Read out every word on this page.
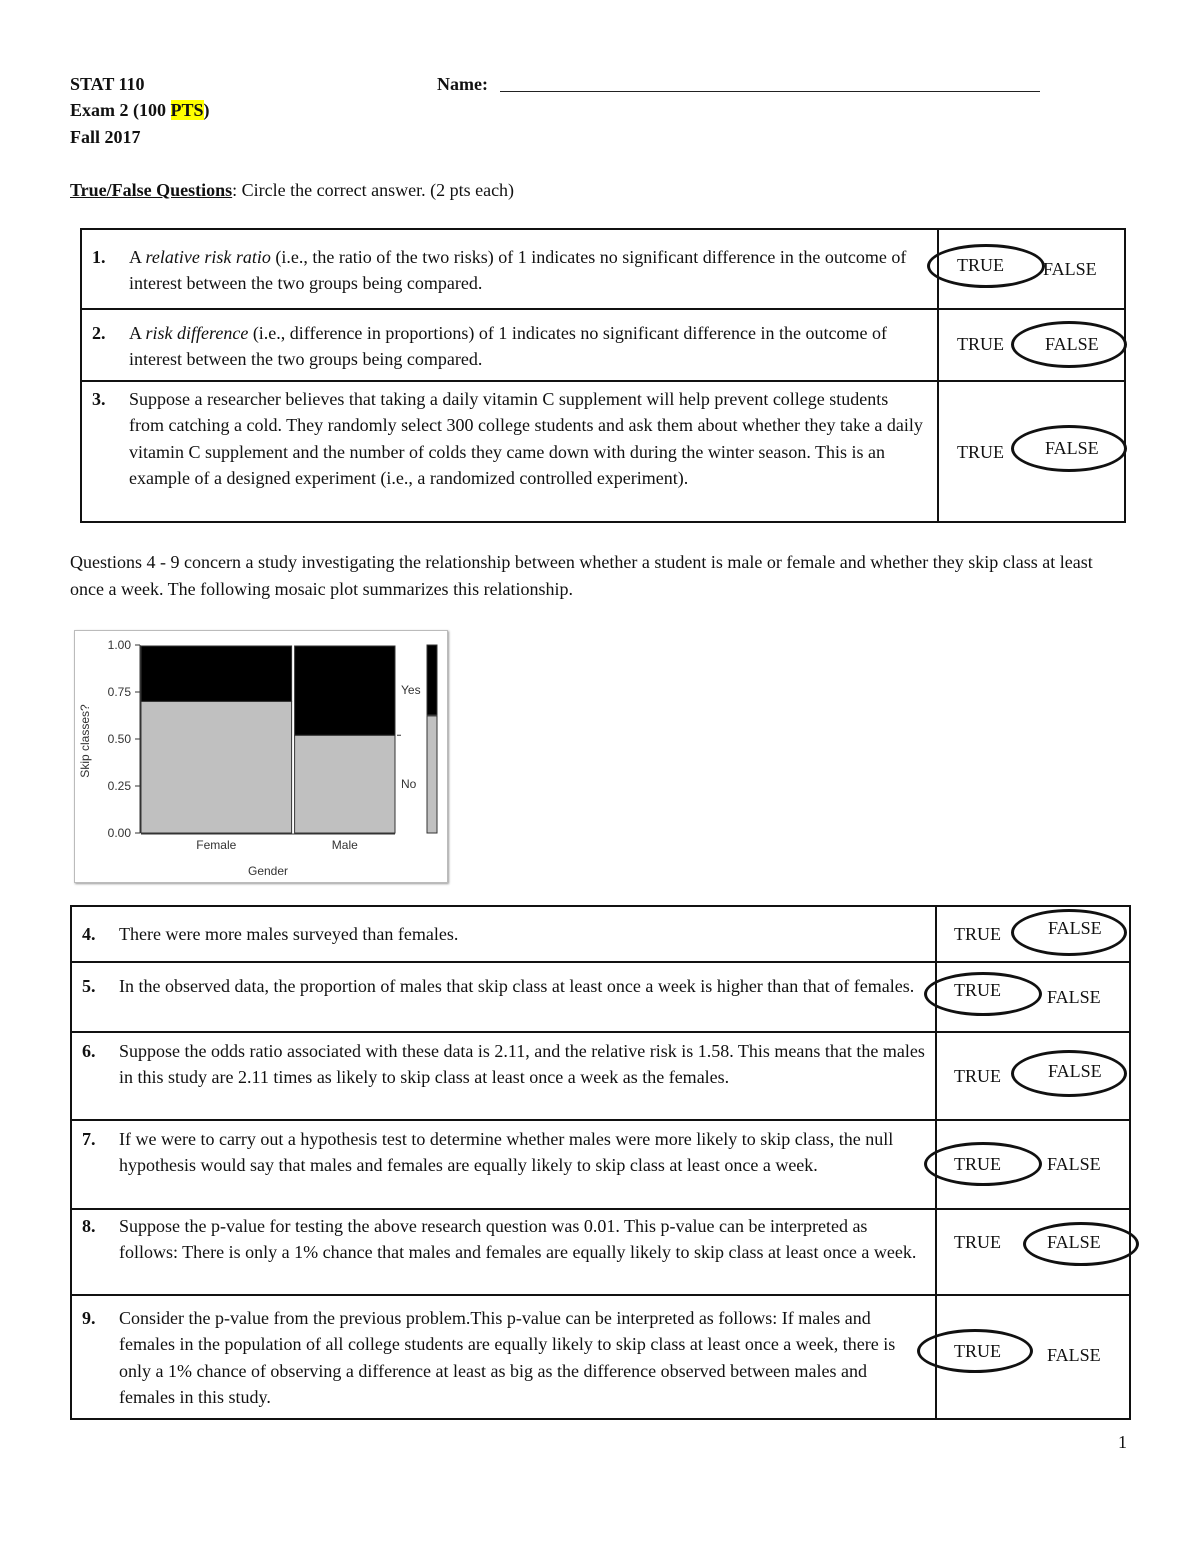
STAT 110
Exam 2 (100 PTS)
Fall 2017
Name:
True/False Questions: Circle the correct answer. (2 pts each)
1. A relative risk ratio (i.e., the ratio of the two risks) of 1 indicates no significant difference in the outcome of interest between the two groups being compared.	TRUE FALSE

2. A risk difference (i.e., difference in proportions) of 1 indicates no significant difference in the outcome of interest between the two groups being compared.	TRUE FALSE

3. Suppose a researcher believes that taking a daily vitamin C supplement will help prevent college students from catching a cold. They randomly select 300 college students and ask them about whether they take a daily vitamin C supplement and the number of colds they came down with during the winter season. This is an example of a designed experiment (i.e., a randomized controlled experiment).	TRUE FALSE
Questions 4 - 9 concern a study investigating the relationship between whether a student is male or female and whether they skip class at least once a week. The following mosaic plot summarizes this relationship.
Skip classes?
Gender
0.00
0.25
0.50
0.75
1.00
Female	Male
Yes
No
4. There were more males surveyed than females.	TRUE FALSE

5. In the observed data, the proportion of males that skip class at least once a week is higher than that of females.	TRUE FALSE

6. Suppose the odds ratio associated with these data is 2.11, and the relative risk is 1.58. This means that the males in this study are 2.11 times as likely to skip class at least once a week as the females.	TRUE FALSE

7. If we were to carry out a hypothesis test to determine whether males were more likely to skip class, the null hypothesis would say that males and females are equally likely to skip class at least once a week.	TRUE FALSE

8. Suppose the p-value for testing the above research question was 0.01. This p-value can be interpreted as follows: There is only a 1% chance that males and females are equally likely to skip class at least once a week.	TRUE FALSE

9. Consider the p-value from the previous problem.This p-value can be interpreted as follows: If males and females in the population of all college students are equally likely to skip class at least once a week, there is only a 1% chance of observing a difference at least as big as the difference observed between males and females in this study.	TRUE FALSE
1
